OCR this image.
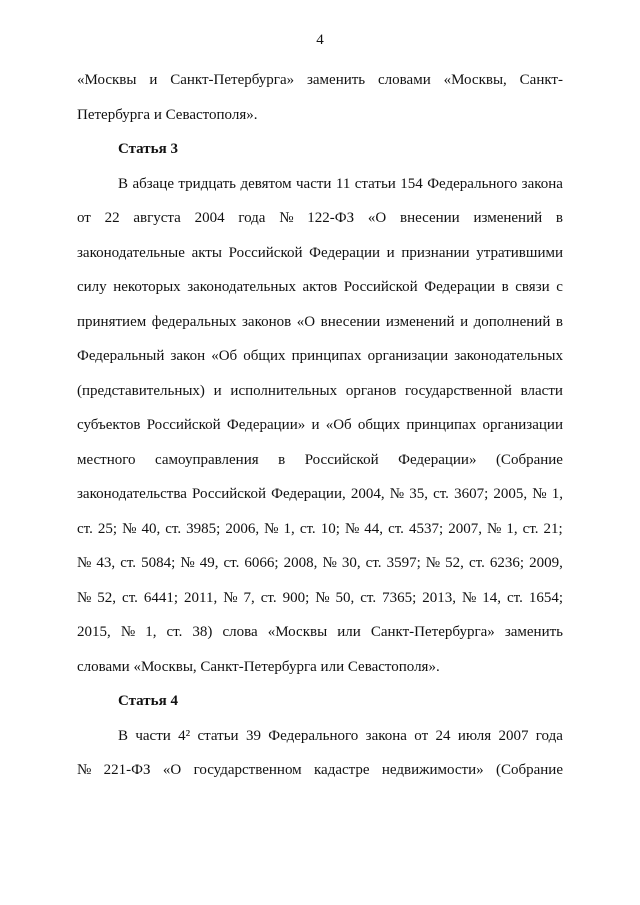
4
«Москвы и Санкт-Петербурга» заменить словами «Москвы, Санкт-
Петербурга и Севастополя».
Статья 3
В абзаце тридцать девятом части 11 статьи 154 Федерального закона
от 22 августа 2004 года № 122-ФЗ «О внесении изменений в
законодательные акты Российской Федерации и признании утратившими
силу некоторых законодательных актов Российской Федерации в связи с
принятием федеральных законов «О внесении изменений и дополнений в
Федеральный закон «Об общих принципах организации законодательных
(представительных) и исполнительных органов государственной власти
субъектов Российской Федерации» и «Об общих принципах организации
местного самоуправления в Российской Федерации» (Собрание
законодательства Российской Федерации, 2004, № 35, ст. 3607; 2005, № 1,
ст. 25; № 40, ст. 3985; 2006, № 1, ст. 10; № 44, ст. 4537; 2007, № 1, ст. 21;
№ 43, ст. 5084; № 49, ст. 6066; 2008, № 30, ст. 3597; № 52, ст. 6236; 2009,
№ 52, ст. 6441; 2011, № 7, ст. 900; № 50, ст. 7365; 2013, № 14, ст. 1654;
2015, № 1, ст. 38) слова «Москвы или Санкт-Петербурга» заменить
словами «Москвы, Санкт-Петербурга или Севастополя».
Статья 4
В части 4² статьи 39 Федерального закона от 24 июля 2007 года
№ 221-ФЗ «О государственном кадастре недвижимости» (Собрание
